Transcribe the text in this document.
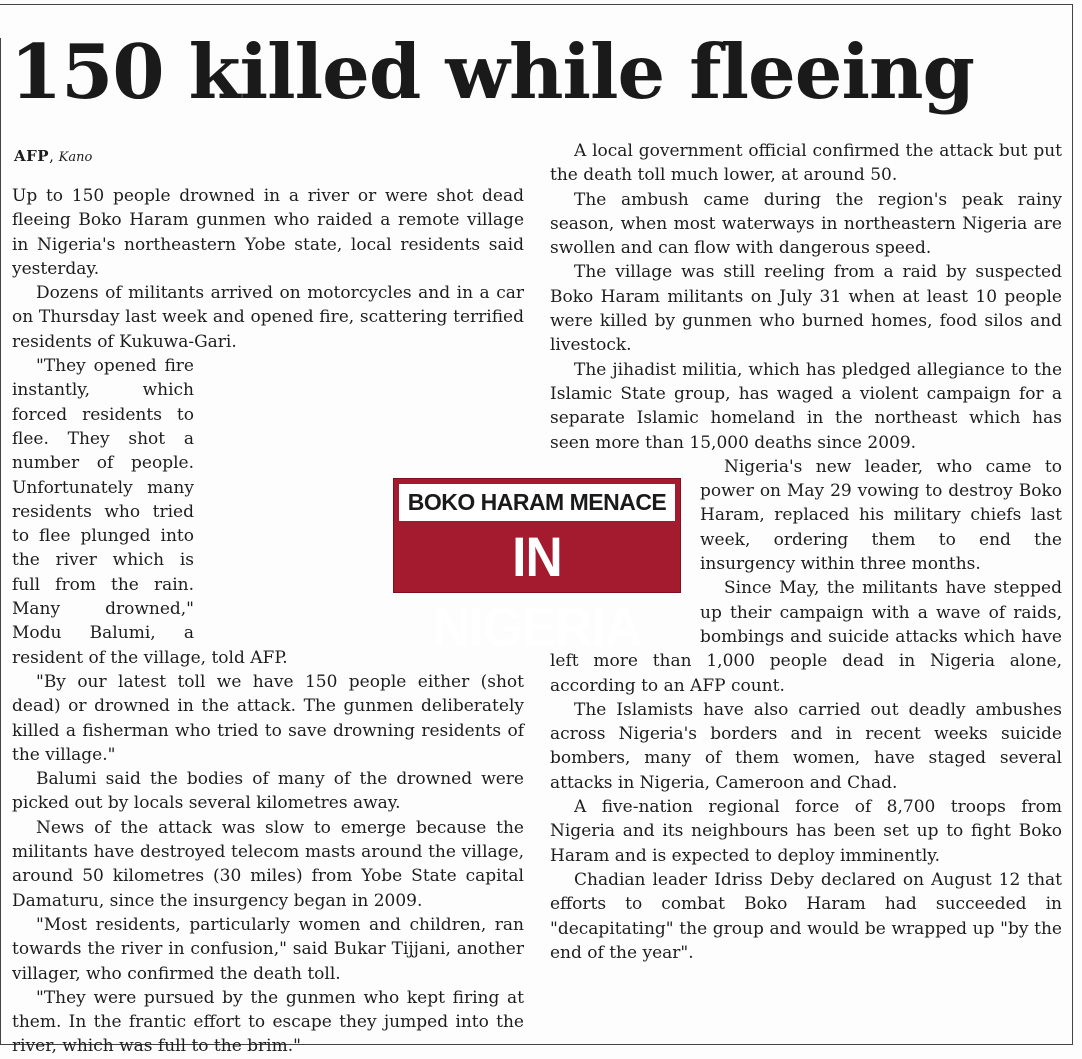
150 killed while fleeing
AFP, Kano

Up to 150 people drowned in a river or were shot dead fleeing Boko Haram gunmen who raided a remote village in Nigeria's northeastern Yobe state, local residents said yesterday.

Dozens of militants arrived on motorcycles and in a car on Thursday last week and opened fire, scattering terrified residents of Kukuwa-Gari.

"They opened fire instantly, which forced residents to flee. They shot a number of people. Unfortunately many residents who tried to flee plunged into the river which is full from the rain. Many drowned," Modu Balumi, a resident of the village, told AFP.

"By our latest toll we have 150 people either (shot dead) or drowned in the attack. The gunmen deliberately killed a fisherman who tried to save drowning residents of the village."

Balumi said the bodies of many of the drowned were picked out by locals several kilometres away.

News of the attack was slow to emerge because the militants have destroyed telecom masts around the village, around 50 kilometres (30 miles) from Yobe State capital Damaturu, since the insurgency began in 2009.

"Most residents, particularly women and children, ran towards the river in confusion," said Bukar Tijjani, another villager, who confirmed the death toll.

"They were pursued by the gunmen who kept firing at them. In the frantic effort to escape they jumped into the river, which was full to the brim."

A local government official confirmed the attack but put the death toll much lower, at around 50.

The ambush came during the region's peak rainy season, when most waterways in northeastern Nigeria are swollen and can flow with dangerous speed.

The village was still reeling from a raid by suspected Boko Haram militants on July 31 when at least 10 people were killed by gunmen who burned homes, food silos and livestock.

The jihadist militia, which has pledged allegiance to the Islamic State group, has waged a violent campaign for a separate Islamic homeland in the northeast which has seen more than 15,000 deaths since 2009.

Nigeria's new leader, who came to power on May 29 vowing to destroy Boko Haram, replaced his military chiefs last week, ordering them to end the insurgency within three months.

Since May, the militants have stepped up their campaign with a wave of raids, bombings and suicide attacks which have left more than 1,000 people dead in Nigeria alone, according to an AFP count.

The Islamists have also carried out deadly ambushes across Nigeria's borders and in recent weeks suicide bombers, many of them women, have staged several attacks in Nigeria, Cameroon and Chad.

A five-nation regional force of 8,700 troops from Nigeria and its neighbours has been set up to fight Boko Haram and is expected to deploy imminently.

Chadian leader Idriss Deby declared on August 12 that efforts to combat Boko Haram had succeeded in "decapitating" the group and would be wrapped up "by the end of the year".

BOKO HARAM MENACE
IN NIGERIA
